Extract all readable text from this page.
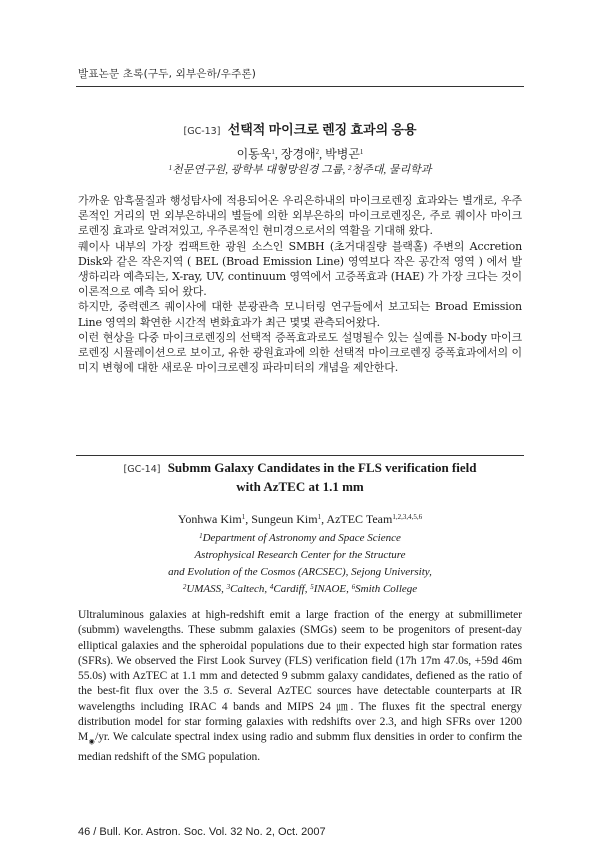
발표논문 초록(구두, 외부은하/우주론)
[GC-13] 선택적 마이크로 렌징 효과의 응용
이동욱$^1$, 장경애$^2$, 박병곤$^1$
$^1$천문연구원, 광학부 대형망원경 그룹, $^2$청주대, 물리학과

가까운 암흑물질과 행성탐사에 적용되어온 우리은하내의 마이크로렌징 효과와는 별개로, 우주론적인 거리의 먼 외부은하내의 별들에 의한 외부은하의 마이크로렌징은, 주로 퀘이사 마이크로렌징 효과로 알려져있고, 우주론적인 현미경으로서의 역활을 기대해 왔다.

퀘이사 내부의 가장 컴팩트한 광원 소스인 SMBH (초거대질량 블랙홀) 주변의 Accretion Disk와 같은 작은지역 ( BEL (Broad Emission Line) 영역보다 작은 공간적 영역 ) 에서 발생하리라 예측되는, X-ray, UV, continuum 영역에서 고증폭효과 (HAE) 가 가장 크다는 것이 이론적으로 예측 되어 왔다.

하지만, 중력렌즈 퀘이사에 대한 분광관측 모니터링 연구들에서 보고되는 Broad Emission Line 영역의 확연한 시간적 변화효과가 최근 몇몇 관측되어왔다.

이런 현상을 다중 마이크로렌징의 선택적 증폭효과로도 설명될수 있는 실예를 N-body 마이크로렌징 시뮬레이션으로 보이고, 유한 광원효과에 의한 선택적 마이크로렌징 증폭효과에서의 이미지 변형에 대한 새로운 마이크로렌징 파라미터의 개념을 제안한다.

[GC-14] Submm Galaxy Candidates in the FLS verification field
with AzTEC at 1.1 mm
Yonhwa Kim$^1$, Sungeun Kim$^1$, AzTEC Team$^{1,2,3,4,5,6}$
$^1$Department of Astronomy and Space Science
Astrophysical Research Center for the Structure
and Evolution of the Cosmos (ARCSEC), Sejong University,
$^2$UMASS, $^3$Caltech, $^4$Cardiff, $^5$INAOE, $^6$Smith College

Ultraluminous galaxies at high-redshift emit a large fraction of the energy at submillimeter (submm) wavelengths. These submm galaxies (SMGs) seem to be progenitors of present-day elliptical galaxies and the spheroidal populations due to their expected high star formation rates (SFRs). We observed the First Look Survey (FLS) verification field (17h 17m 47.0s, +59d 46m 55.0s) with AzTEC at 1.1 mm and detected 9 submm galaxy candidates, defiened as the ratio of the best-fit flux over the 3.5 σ. Several AzTEC sources have detectable counterparts at IR wavelengths including IRAC 4 bands and MIPS 24 ㎛. The fluxes fit the spectral energy distribution model for star forming galaxies with redshifts over 2.3, and high SFRs over 1200 $M_◉/yr$. We calculate spectral index using radio and submm flux densities in order to confirm the median redshift of the SMG population.

46 / Bull. Kor. Astron. Soc. Vol. 32 No. 2, Oct. 2007
